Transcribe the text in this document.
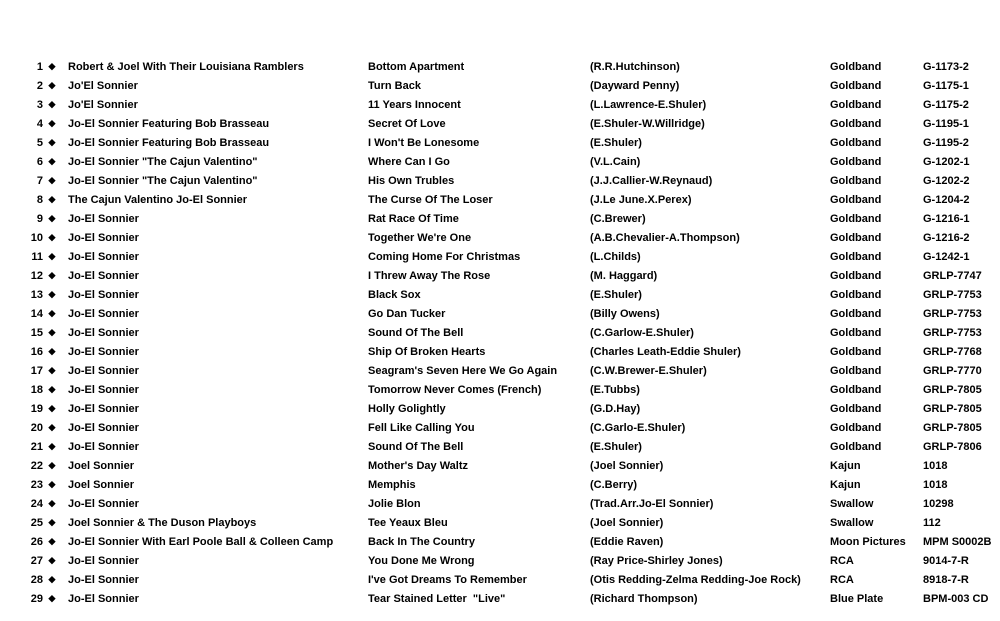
1 ◆	Robert & Joel With Their Louisiana Ramblers	Bottom Apartment	(R.R.Hutchinson)	Goldband	G-1173-2
2 ◆	Jo'El Sonnier	Turn Back	(Dayward Penny)	Goldband	G-1175-1
3 ◆	Jo'El Sonnier	11 Years Innocent	(L.Lawrence-E.Shuler)	Goldband	G-1175-2
4 ◆	Jo-El Sonnier Featuring Bob Brasseau	Secret Of Love	(E.Shuler-W.Willridge)	Goldband	G-1195-1
5 ◆	Jo-El Sonnier Featuring Bob Brasseau	I Won't Be Lonesome	(E.Shuler)	Goldband	G-1195-2
6 ◆	Jo-El Sonnier "The Cajun Valentino"	Where Can I Go	(V.L.Cain)	Goldband	G-1202-1
7 ◆	Jo-El Sonnier "The Cajun Valentino"	His Own Trubles	(J.J.Callier-W.Reynaud)	Goldband	G-1202-2
8 ◆	The Cajun Valentino Jo-El Sonnier	The Curse Of The Loser	(J.Le June.X.Perex)	Goldband	G-1204-2
9 ◆	Jo-El Sonnier	Rat Race Of Time	(C.Brewer)	Goldband	G-1216-1
10 ◆	Jo-El Sonnier	Together We're One	(A.B.Chevalier-A.Thompson)	Goldband	G-1216-2
11 ◆	Jo-El Sonnier	Coming Home For Christmas	(L.Childs)	Goldband	G-1242-1
12 ◆	Jo-El Sonnier	I Threw Away The Rose	(M. Haggard)	Goldband	GRLP-7747
13 ◆	Jo-El Sonnier	Black Sox	(E.Shuler)	Goldband	GRLP-7753
14 ◆	Jo-El Sonnier	Go Dan Tucker	(Billy Owens)	Goldband	GRLP-7753
15 ◆	Jo-El Sonnier	Sound Of The Bell	(C.Garlow-E.Shuler)	Goldband	GRLP-7753
16 ◆	Jo-El Sonnier	Ship Of Broken Hearts	(Charles Leath-Eddie Shuler)	Goldband	GRLP-7768
17 ◆	Jo-El Sonnier	Seagram's Seven Here We Go Again	(C.W.Brewer-E.Shuler)	Goldband	GRLP-7770
18 ◆	Jo-El Sonnier	Tomorrow Never Comes (French)	(E.Tubbs)	Goldband	GRLP-7805
19 ◆	Jo-El Sonnier	Holly Golightly	(G.D.Hay)	Goldband	GRLP-7805
20 ◆	Jo-El Sonnier	Fell Like Calling You	(C.Garlo-E.Shuler)	Goldband	GRLP-7805
21 ◆	Jo-El Sonnier	Sound Of The Bell	(E.Shuler)	Goldband	GRLP-7806
22 ◆	Joel Sonnier	Mother's Day Waltz	(Joel Sonnier)	Kajun	1018
23 ◆	Joel Sonnier	Memphis	(C.Berry)	Kajun	1018
24 ◆	Jo-El Sonnier	Jolie Blon	(Trad.Arr.Jo-El Sonnier)	Swallow	10298
25 ◆	Joel Sonnier & The Duson Playboys	Tee Yeaux Bleu	(Joel Sonnier)	Swallow	112
26 ◆	Jo-El Sonnier With Earl Poole Ball & Colleen Camp	Back In The Country	(Eddie Raven)	Moon Pictures	MPM S0002B
27 ◆	Jo-El Sonnier	You Done Me Wrong	(Ray Price-Shirley Jones)	RCA	9014-7-R
28 ◆	Jo-El Sonnier	I've Got Dreams To Remember	(Otis Redding-Zelma Redding-Joe Rock)	RCA	8918-7-R
29 ◆	Jo-El Sonnier	Tear Stained Letter  "Live"	(Richard Thompson)	Blue Plate	BPM-003 CD
